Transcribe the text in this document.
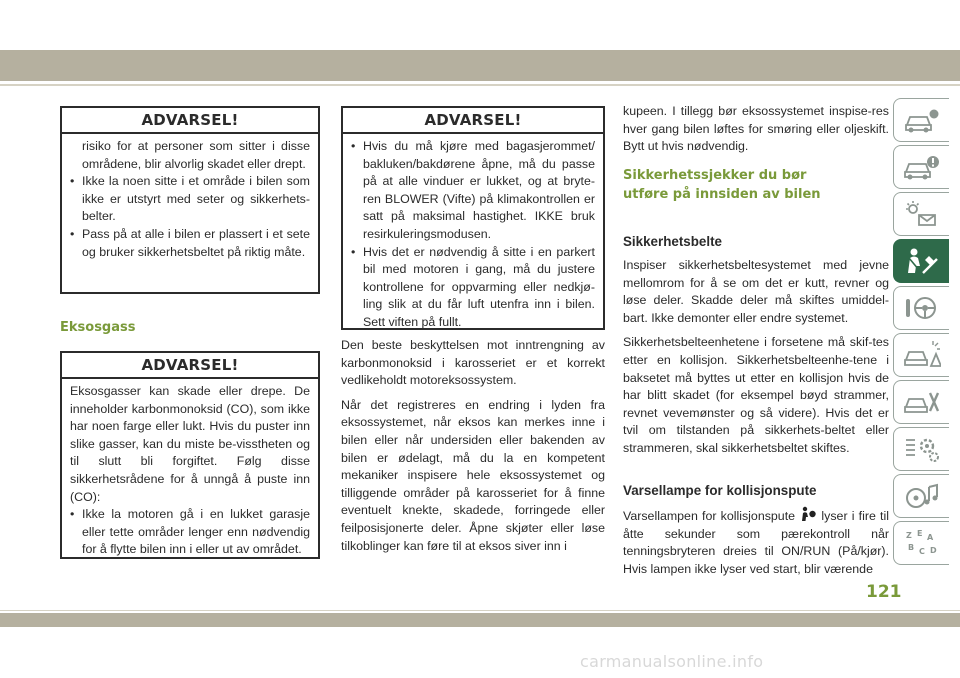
ADVARSEL!

risiko for at personer som sitter i disse områdene, blir alvorlig skadet eller drept.

• Ikke la noen sitte i et område i bilen som ikke er utstyrt med seter og sikkerhets-belter.
• Pass på at alle i bilen er plassert i et sete og bruker sikkerhetsbeltet på riktig måte.
Eksosgass
ADVARSEL!

Eksosgasser kan skade eller drepe. De inneholder karbonmonoksid (CO), som ikke har noen farge eller lukt. Hvis du puster inn slike gasser, kan du miste be-visstheten og til slutt bli forgiftet. Følg disse sikkerhetsrådene for å unngå å puste inn (CO):

• Ikke la motoren gå i en lukket garasje eller tette områder lenger enn nødvendig for å flytte bilen inn i eller ut av området.
ADVARSEL!
• Hvis du må kjøre med bagasjerommet/ bakluken/bakdørene åpne, må du passe på at alle vinduer er lukket, og at bryte-ren BLOWER (Vifte) på klimakontrollen er satt på maksimal hastighet. IKKE bruk resirkuleringsmodusen.
• Hvis det er nødvendig å sitte i en parkert bil med motoren i gang, må du justere kontrollene for oppvarming eller nedkjø-ling slik at du får luft utenfra inn i bilen. Sett viften på fullt.

Den beste beskyttelsen mot inntrengning av karbonmonoksid i karosseriet er et korrekt vedlikeholdt motoreksossystem.

Når det registreres en endring i lyden fra eksossystemet, når eksos kan merkes inne i bilen eller når undersiden eller bakenden av bilen er ødelagt, må du la en kompetent mekaniker inspisere hele eksossystemet og tilliggende områder på karosseriet for å finne eventuelt knekte, skadede, forringede eller feilposisjonerte deler. Åpne skjøter eller løse tilkoblinger kan føre til at eksos siver inn i

kupeen. I tillegg bør eksossystemet inspise-res hver gang bilen løftes for smøring eller oljeskift. Bytt ut hvis nødvendig.

Sikkerhetssjekker du bør utføre på innsiden av bilen
Sikkerhetsbelte

Inspiser sikkerhetsbeltesystemet med jevne mellomrom for å se om det er kutt, revner og løse deler. Skadde deler må skiftes umiddel-bart. Ikke demonter eller endre systemet.

Sikkerhetsbelteenhetene i forsetene må skif-tes etter en kollisjon. Sikkerhetsbelteenhe-tene i baksetet må byttes ut etter en kollisjon hvis de har blitt skadet (for eksempel bøyd strammer, revnet vevemønster og så videre). Hvis det er tvil om tilstanden på sikkerhets-beltet eller strammeren, skal sikkerhetsbeltet skiftes.

Varsellampe for kollisjonspute

Varsellampen for kollisjonspute lyser i fire til åtte sekunder som pærekontroll når tenningsbryteren dreies til ON/RUN (På/kjør). Hvis lampen ikke lyser ved start, blir værende

Z E A
B C D
121
carmanualsonline.info
